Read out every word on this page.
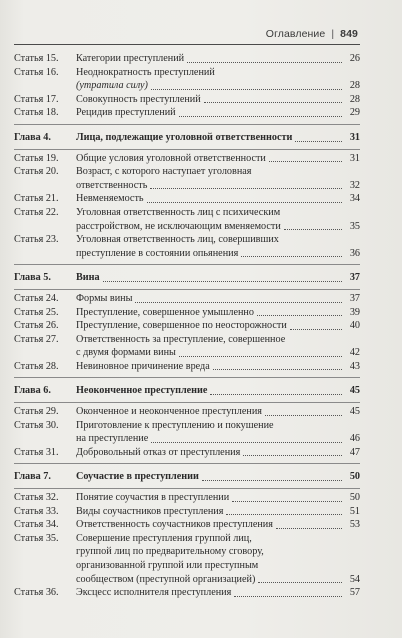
Оглавление | 849
Статья 15.	Категории преступлений	26
Статья 16.	Неоднократность преступлений
(утратила силу)	28
Статья 17.	Совокупность преступлений	28
Статья 18.	Рецидив преступлений	29
Глава 4.	Лица, подлежащие уголовной ответственности	31
Статья 19.	Общие условия уголовной ответственности	31
Статья 20.	Возраст, с которого наступает уголовная
ответственность	32
Статья 21.	Невменяемость	34
Статья 22.	Уголовная ответственность лиц с психическим
расстройством, не исключающим вменяемости	35
Статья 23.	Уголовная ответственность лиц, совершивших
преступление в состоянии опьянения	36
Глава 5.	Вина	37
Статья 24.	Формы вины	37
Статья 25.	Преступление, совершенное умышленно	39
Статья 26.	Преступление, совершенное по неосторожности	40
Статья 27.	Ответственность за преступление, совершенное
с двумя формами вины	42
Статья 28.	Невиновное причинение вреда	43
Глава 6.	Неоконченное преступление	45
Статья 29.	Оконченное и неоконченное преступления	45
Статья 30.	Приготовление к преступлению и покушение
на преступление	46
Статья 31.	Добровольный отказ от преступления	47
Глава 7.	Соучастие в преступлении	50
Статья 32.	Понятие соучастия в преступлении	50
Статья 33.	Виды соучастников преступления	51
Статья 34.	Ответственность соучастников преступления	53
Статья 35.	Совершение преступления группой лиц,
группой лиц по предварительному сговору,
организованной группой или преступным
сообществом (преступной организацией)	54
Статья 36.	Эксцесс исполнителя преступления	57
